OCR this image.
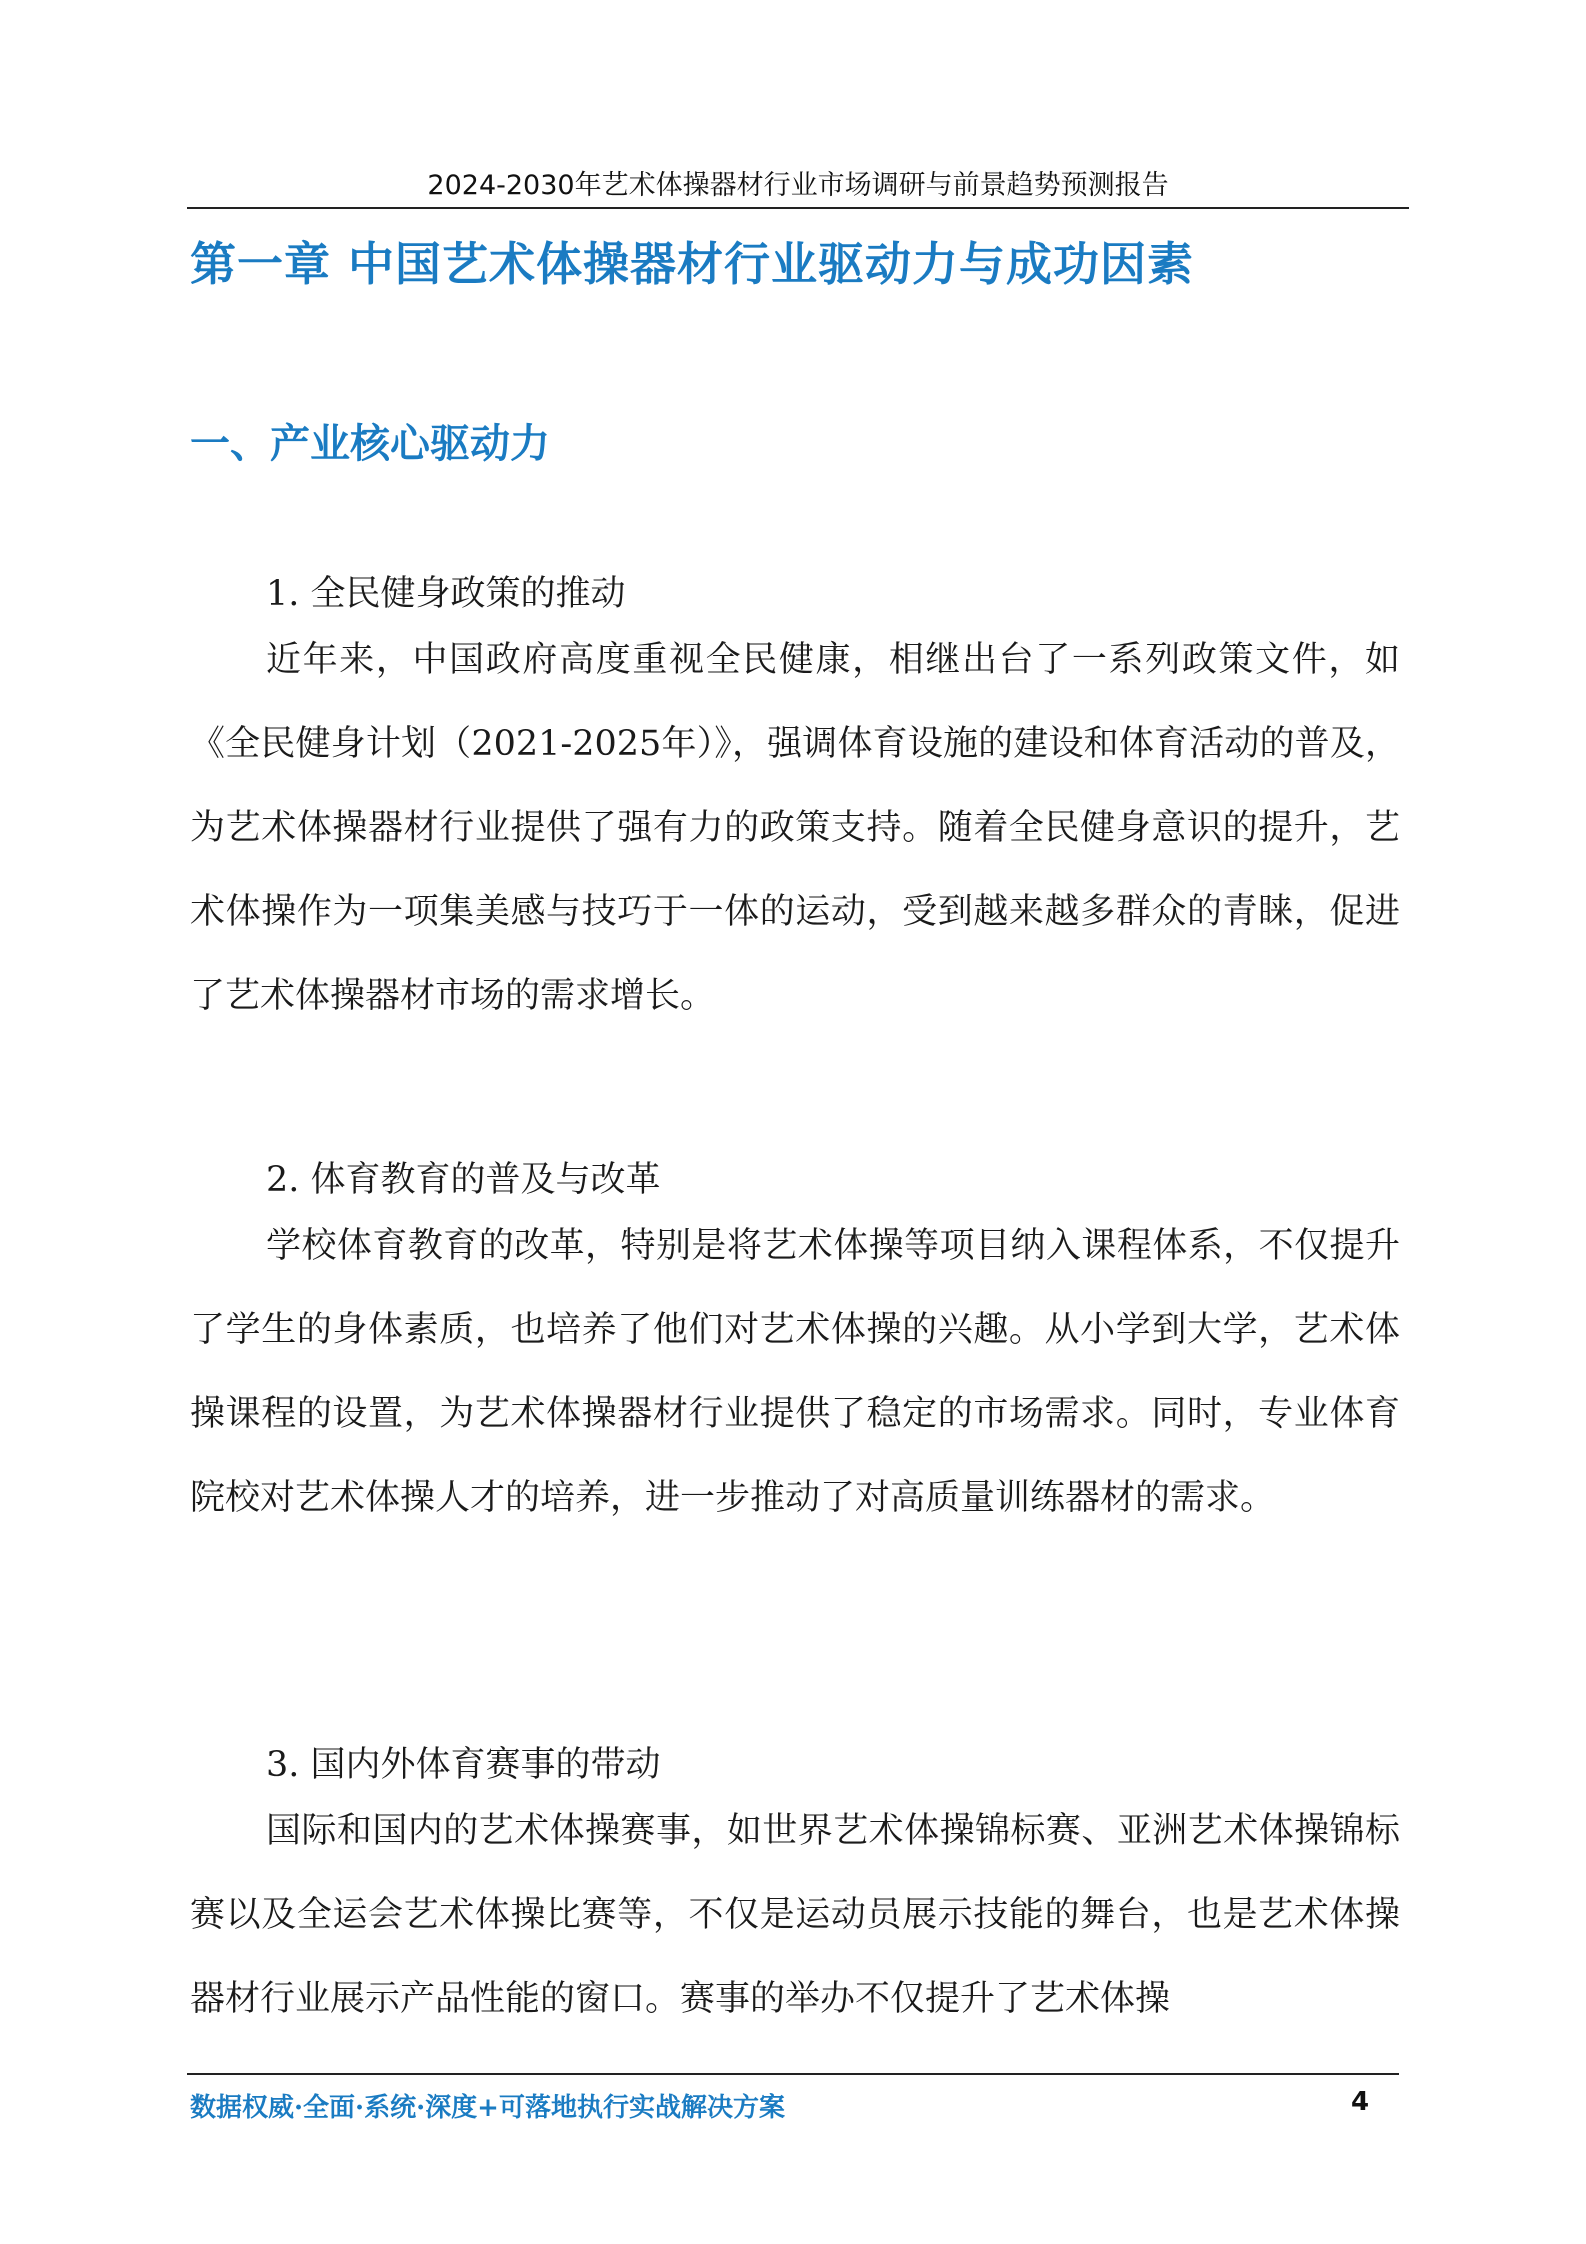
2024-2030年艺术体操器材行业市场调研与前景趋势预测报告
第一章 中国艺术体操器材行业驱动力与成功因素
一、产业核心驱动力
1. 全民健身政策的推动

近年来，中国政府高度重视全民健康，相继出台了一系列政策文件，如《全民健身计划（2021-2025年）》，强调体育设施的建设和体育活动的普及，为艺术体操器材行业提供了强有力的政策支持。随着全民健身意识的提升，艺术体操作为一项集美感与技巧于一体的运动，受到越来越多群众的青睐，促进了艺术体操器材市场的需求增长。

2. 体育教育的普及与改革

学校体育教育的改革，特别是将艺术体操等项目纳入课程体系，不仅提升了学生的身体素质，也培养了他们对艺术体操的兴趣。从小学到大学，艺术体操课程的设置，为艺术体操器材行业提供了稳定的市场需求。同时，专业体育院校对艺术体操人才的培养，进一步推动了对高质量训练器材的需求。

3. 国内外体育赛事的带动

国际和国内的艺术体操赛事，如世界艺术体操锦标赛、亚洲艺术体操锦标赛以及全运会艺术体操比赛等，不仅是运动员展示技能的舞台，也是艺术体操器材行业展示产品性能的窗口。赛事的举办不仅提升了艺术体操

数据权威·全面·系统·深度+可落地执行实战解决方案	4
